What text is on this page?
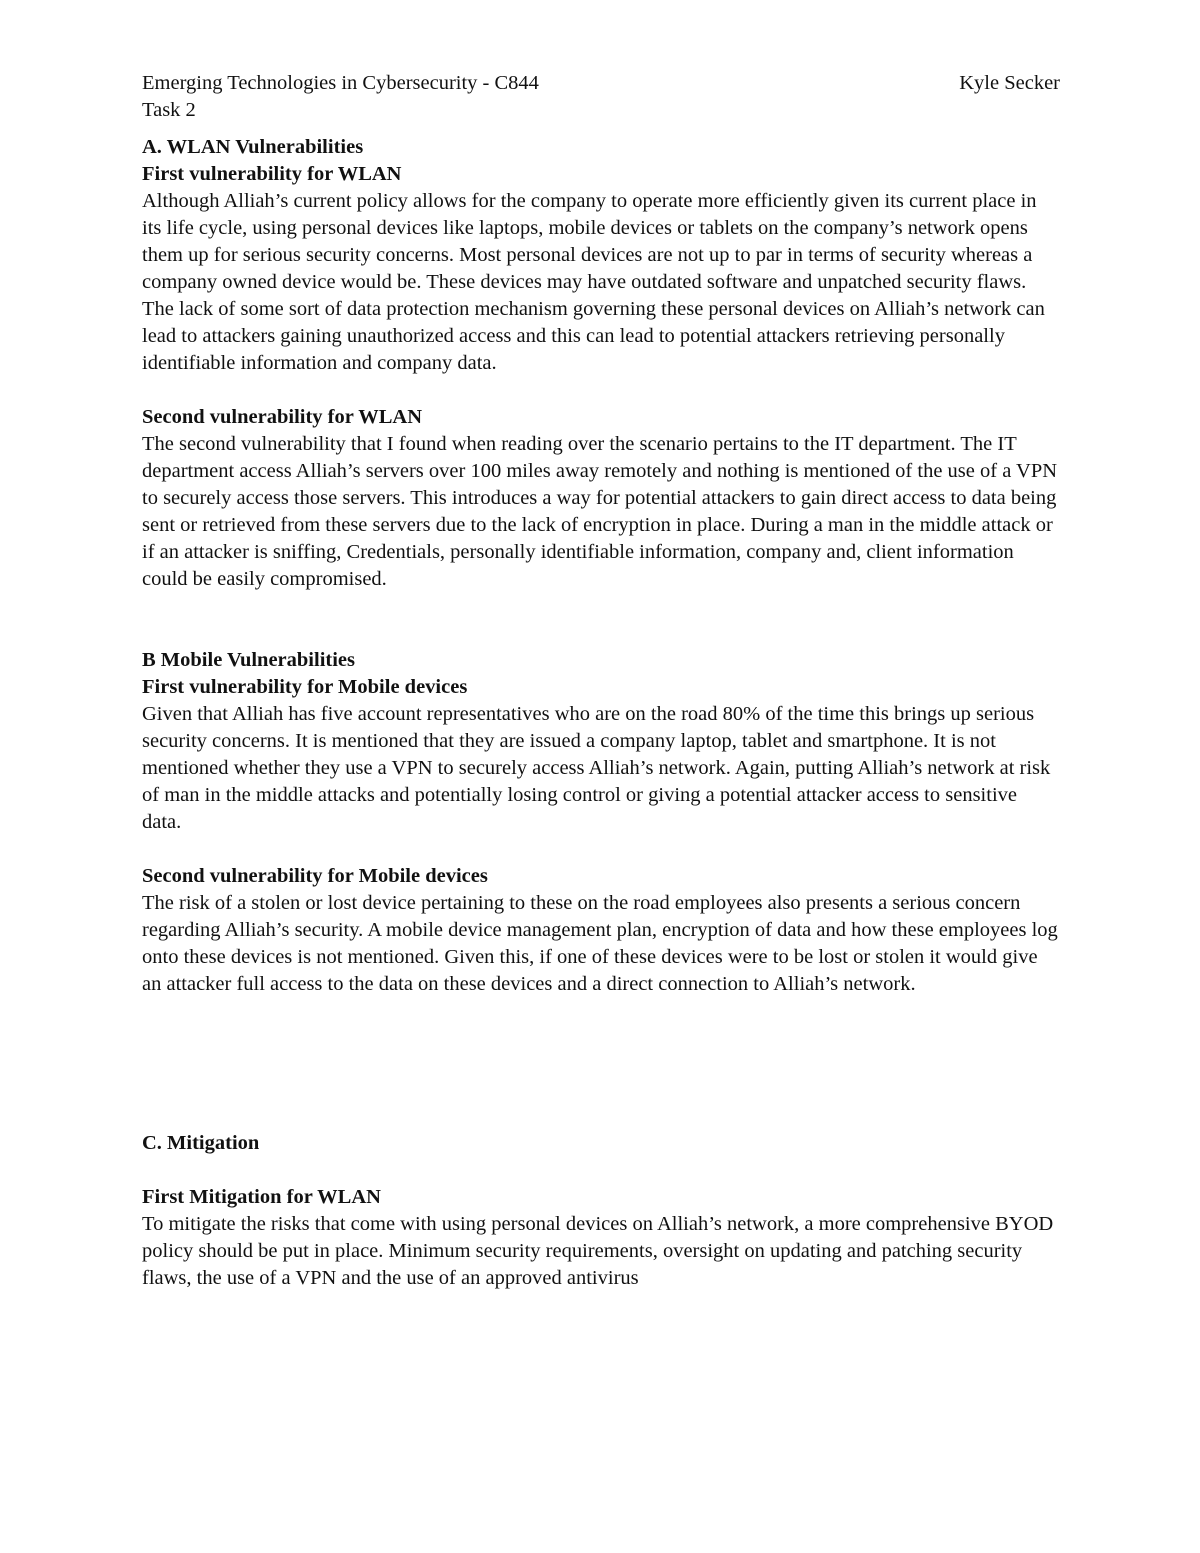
Emerging Technologies in Cybersecurity - C844	Kyle Secker

Task 2

A. WLAN Vulnerabilities

First vulnerability for WLAN

Although Alliah’s current policy allows for the company to operate more efficiently given its current place in its life cycle, using personal devices like laptops, mobile devices or tablets on the company’s network opens them up for serious security concerns. Most personal devices are not up to par in terms of security whereas a company owned device would be. These devices may have outdated software and unpatched security flaws. The lack of some sort of data protection mechanism governing these personal devices on Alliah’s network can lead to attackers gaining unauthorized access and this can lead to potential attackers retrieving personally identifiable information and company data.

Second vulnerability for WLAN

The second vulnerability that I found when reading over the scenario pertains to the IT department. The IT department access Alliah’s servers over 100 miles away remotely and nothing is mentioned of the use of a VPN to securely access those servers. This introduces a way for potential attackers to gain direct access to data being sent or retrieved from these servers due to the lack of encryption in place. During a man in the middle attack or if an attacker is sniffing, Credentials, personally identifiable information, company and, client information could be easily compromised.

B Mobile Vulnerabilities

First vulnerability for Mobile devices

Given that Alliah has five account representatives who are on the road 80% of the time this brings up serious security concerns. It is mentioned that they are issued a company laptop, tablet and smartphone. It is not mentioned whether they use a VPN to securely access Alliah’s network. Again, putting Alliah’s network at risk of man in the middle attacks and potentially losing control or giving a potential attacker access to sensitive data.

Second vulnerability for Mobile devices

The risk of a stolen or lost device pertaining to these on the road employees also presents a serious concern regarding Alliah’s security. A mobile device management plan, encryption of data and how these employees log onto these devices is not mentioned. Given this, if one of these devices were to be lost or stolen it would give an attacker full access to the data on these devices and a direct connection to Alliah’s network.

C. Mitigation

First Mitigation for WLAN

To mitigate the risks that come with using personal devices on Alliah’s network, a more comprehensive BYOD policy should be put in place. Minimum security requirements, oversight on updating and patching security flaws, the use of a VPN and the use of an approved antivirus
